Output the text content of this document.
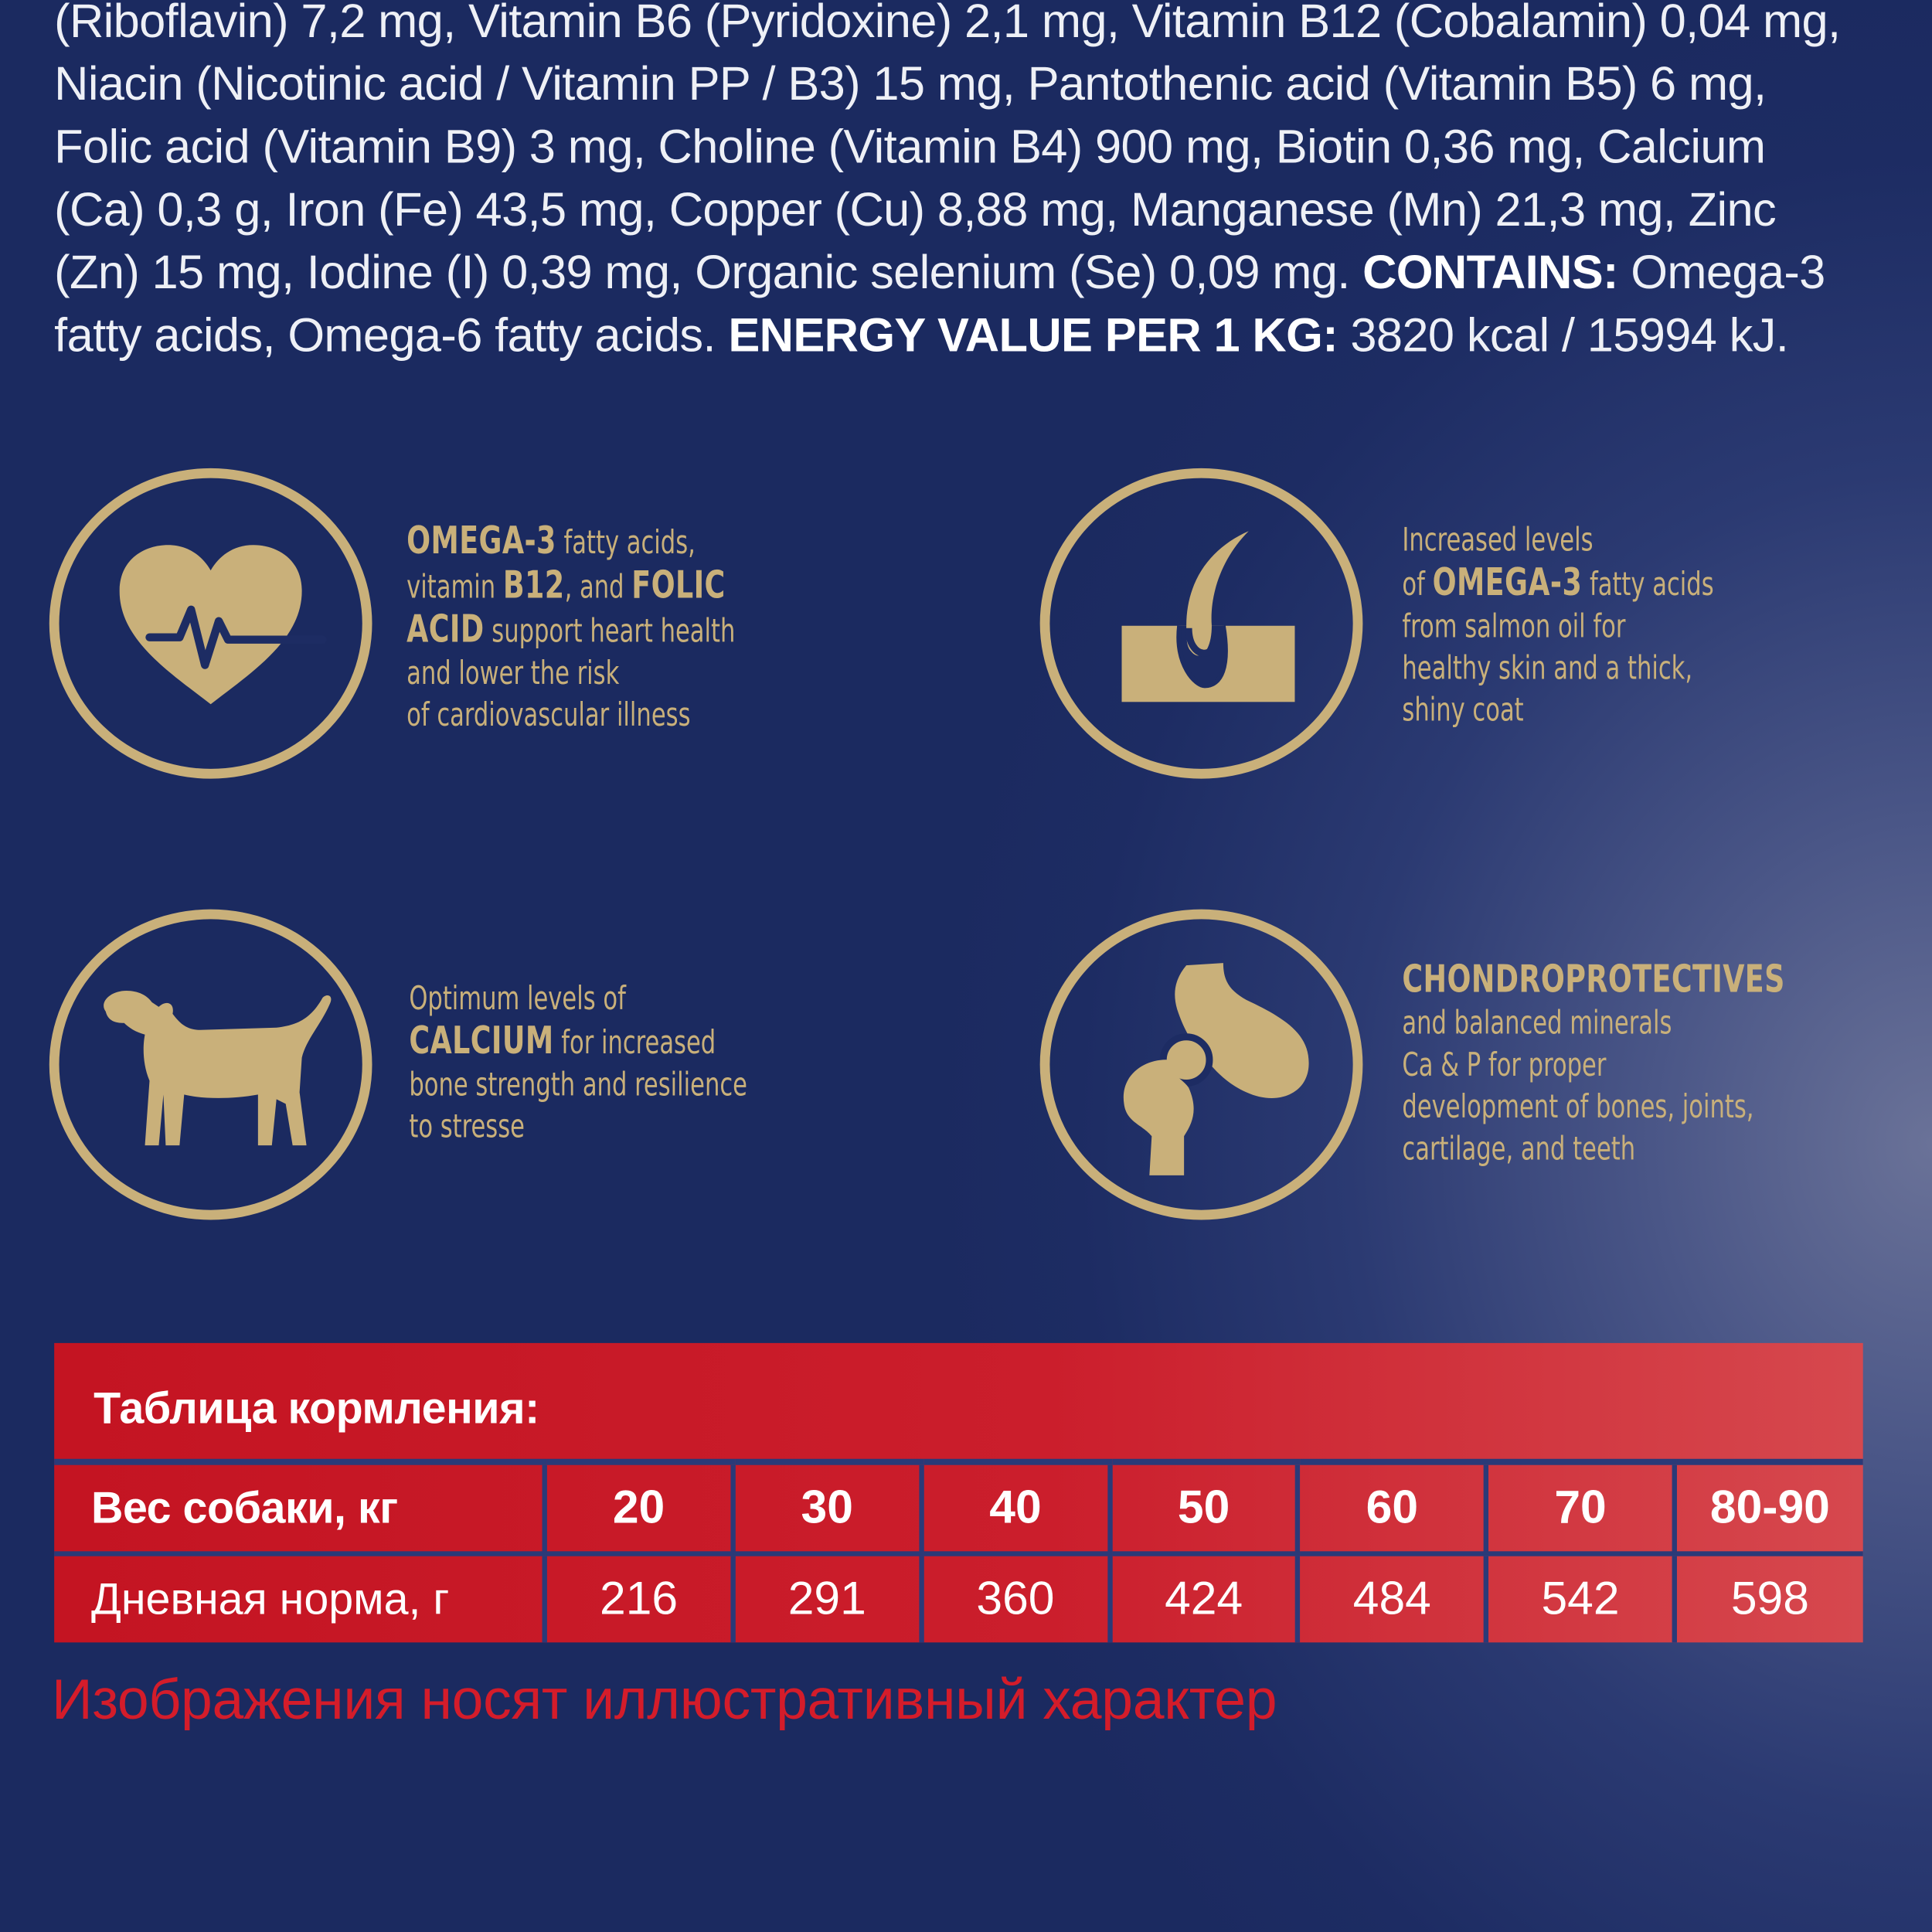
(Riboflavin) 7,2 mg, Vitamin B6 (Pyridoxine) 2,1 mg, Vitamin B12 (Cobalamin) 0,04 mg,
Niacin (Nicotinic acid / Vitamin PP / B3) 15 mg, Pantothenic acid (Vitamin B5) 6 mg,
Folic acid (Vitamin B9) 3 mg, Choline (Vitamin B4) 900 mg, Biotin 0,36 mg, Calcium
(Ca) 0,3 g, Iron (Fe) 43,5 mg, Copper (Cu) 8,88 mg, Manganese (Mn) 21,3 mg, Zinc
(Zn) 15 mg, Iodine (I) 0,39 mg, Organic selenium (Se) 0,09 mg. CONTAINS: Omega-3
fatty acids, Omega-6 fatty acids. ENERGY VALUE PER 1 KG: 3820 kcal / 15994 kJ.
OMEGA-3 fatty acids,
vitamin B12, and FOLIC
ACID support heart health
and lower the risk
of cardiovascular illness
Increased levels
of OMEGA-3 fatty acids
from salmon oil for
healthy skin and a thick,
shiny coat
Optimum levels of
CALCIUM for increased
bone strength and resilience
to stresse
CHONDROPROTECTIVES
and balanced minerals
Ca & P for proper
development of bones, joints,
cartilage, and teeth
Таблица кормления:
Вес собаки, кг	20	30	40	50	60	70	80-90
Дневная норма, г	216	291	360	424	484	542	598
Изображения носят иллюстративный характер
